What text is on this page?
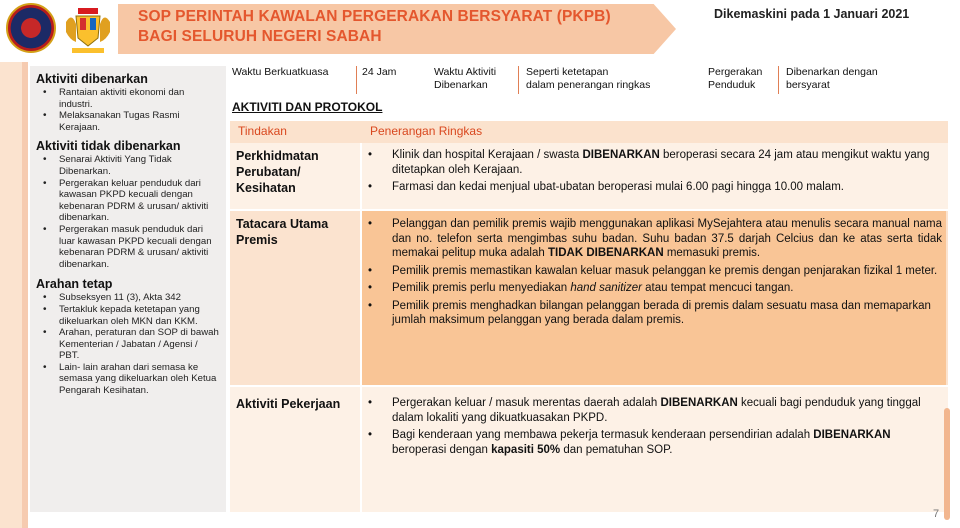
SOP PERINTAH KAWALAN PERGERAKAN BERSYARAT (PKPB)
BAGI SELURUH NEGERI SABAH
Dikemaskini pada 1 Januari 2021
Aktiviti dibenarkan
• Rantaian aktiviti ekonomi dan industri.
• Melaksanakan Tugas Rasmi Kerajaan.
Aktiviti tidak dibenarkan
• Senarai Aktiviti Yang Tidak Dibenarkan.
• Pergerakan keluar penduduk dari kawasan PKPD kecuali dengan kebenaran PDRM & urusan/ aktiviti dibenarkan.
• Pergerakan masuk penduduk dari luar kawasan PKPD kecuali dengan kebenaran PDRM & urusan/ aktiviti dibenarkan.
Arahan tetap
• Subseksyen 11 (3), Akta 342
• Tertakluk kepada ketetapan yang dikeluarkan oleh MKN dan KKM.
• Arahan, peraturan dan SOP di bawah Kementerian / Jabatan / Agensi / PBT.
• Lain- lain arahan dari semasa ke semasa yang dikeluarkan oleh Ketua Pengarah Kesihatan.
Waktu Berkuatkuasa	24 Jam	Waktu Aktiviti
Dibenarkan
Seperti ketetapan
dalam penerangan ringkas
Pergerakan
Penduduk
Dibenarkan dengan
bersyarat
AKTIVITI DAN PROTOKOL
Tindakan	Penerangan Ringkas
Perkhidmatan Perubatan/ Kesihatan
• Klinik dan hospital Kerajaan / swasta DIBENARKAN beroperasi secara 24 jam atau mengikut waktu yang ditetapkan oleh Kerajaan.
• Farmasi dan kedai menjual ubat-ubatan beroperasi mulai 6.00 pagi hingga 10.00 malam.
Tatacara Utama Premis
• Pelanggan dan pemilik premis wajib menggunakan aplikasi MySejahtera atau menulis secara manual nama dan no. telefon serta mengimbas suhu badan. Suhu badan 37.5 darjah Celcius dan ke atas serta tidak memakai pelitup muka adalah TIDAK DIBENARKAN memasuki premis.
• Pemilik premis memastikan kawalan keluar masuk pelanggan ke premis dengan penjarakan fizikal 1 meter.
• Pemilik premis perlu menyediakan hand sanitizer atau tempat mencuci tangan.
• Pemilik premis menghadkan bilangan pelanggan berada di premis dalam sesuatu masa dan memaparkan jumlah maksimum pelanggan yang berada dalam premis.
Aktiviti Pekerjaan
•	Pergerakan keluar / masuk merentas daerah adalah DIBENARKAN kecuali bagi penduduk yang tinggal dalam lokaliti yang dikuatkuasakan PKPD.
• Bagi kenderaan yang membawa pekerja termasuk kenderaan persendirian adalah DIBENARKAN beroperasi dengan kapasiti 50% dan pematuhan SOP.
7
